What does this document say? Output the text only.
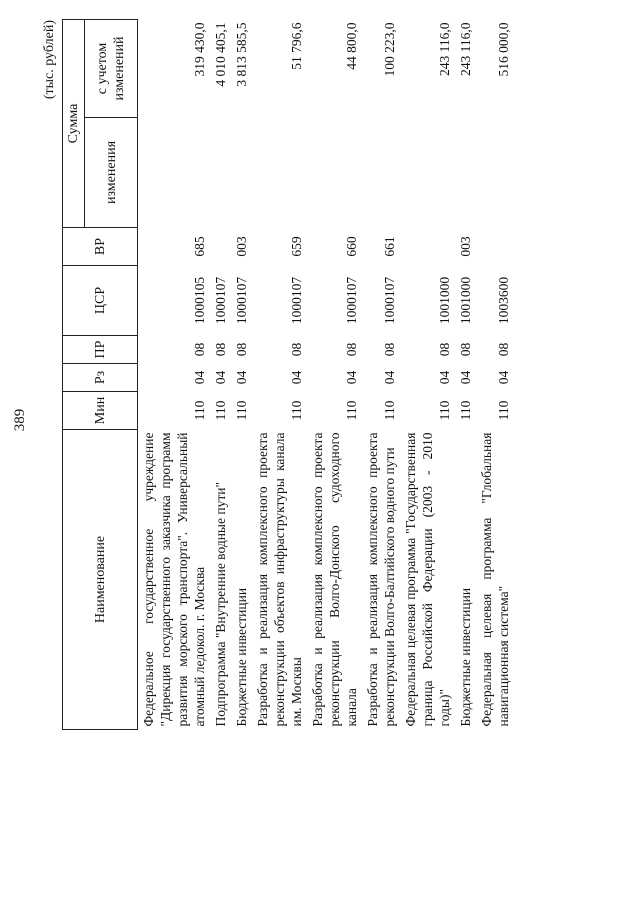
389
(тыс. рублей)
Наименование	Мин	Рз	ПР	ЦСР	ВР	Сумма	
						изменения	с учетом изменений
Федеральное государственное учреждение "Дирекция государственного заказчика программ развития морского транспорта". Универсальный атомный ледокол. г. Москва	110	04	08	1000105	685		319 430,0
Подпрограмма "Внутренние водные пути"	110	04	08	1000107			4 010 405,1
Бюджетные инвестиции	110	04	08	1000107	003		3 813 585,5
Разработка и реализация комплексного проекта реконструкции объектов инфраструктуры канала им. Москвы	110	04	08	1000107	659		51 796,6
Разработка и реализация комплексного проекта реконструкции Волго-Донского судоходного канала	110	04	08	1000107	660		44 800,0
Разработка и реализация комплексного проекта реконструкции Волго-Балтийского водного пути	110	04	08	1000107	661		100 223,0
Федеральная целевая программа "Государственная граница Российской Федерации (2003 - 2010 годы)"	110	04	08	1001000			243 116,0
Бюджетные инвестиции	110	04	08	1001000	003		243 116,0
Федеральная целевая программа "Глобальная навигационная система"	110	04	08	1003600			516 000,0
